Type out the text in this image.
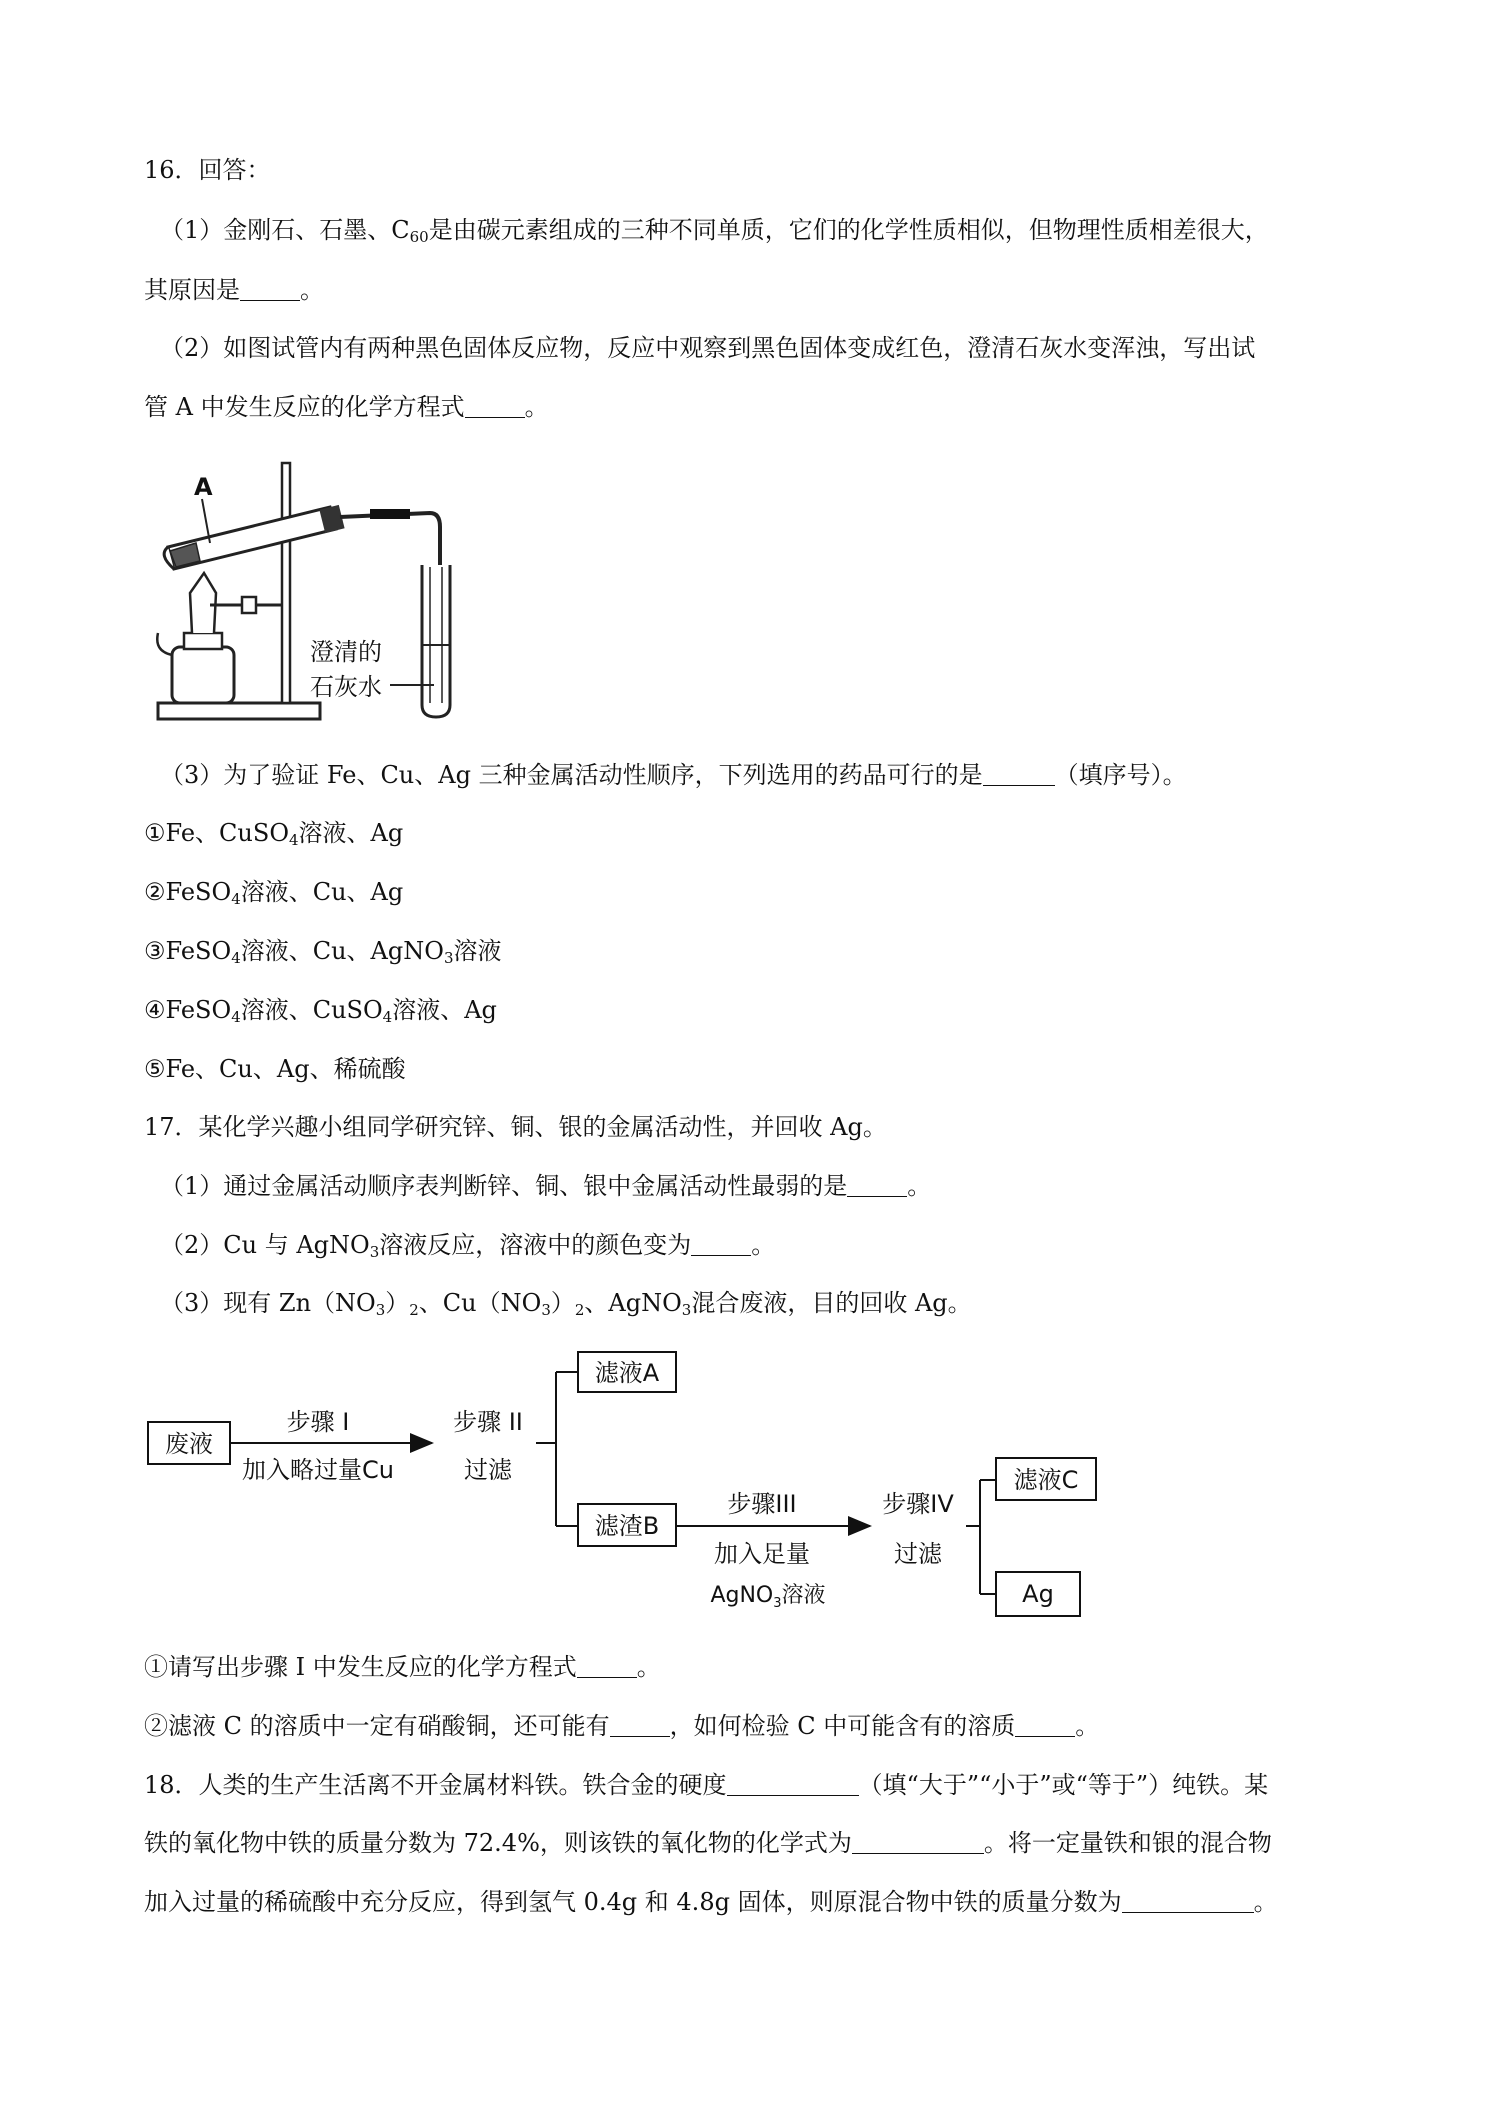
16．回答：
（1）金刚石、石墨、$C_{60}$是由碳元素组成的三种不同单质，它们的化学性质相似，但物理性质相差很大，
其原因是	。
（2）如图试管内有两种黑色固体反应物，反应中观察到黑色固体变成红色，澄清石灰水变浑浊，写出试
管 A 中发生反应的化学方程式	。
A
澄清的
石灰水
（3）为了验证 Fe、Cu、Ag 三种金属活动性顺序，下列选用的药品可行的是	（填序号）。
①Fe、CuSO$_4$溶液、Ag
②FeSO$_4$溶液、Cu、Ag
③FeSO$_4$溶液、Cu、AgNO$_3$溶液
④FeSO$_4$溶液、CuSO$_4$溶液、Ag
⑤Fe、Cu、Ag、稀硫酸
17．某化学兴趣小组同学研究锌、铜、银的金属活动性，并回收 Ag。
（1）通过金属活动顺序表判断锌、铜、银中金属活动性最弱的是	。
（2）Cu 与 AgNO$_3$溶液反应，溶液中的颜色变为	。
（3）现有 $Zn(NO_3)_2$、$Cu(NO_3)_2$、AgNO$_3$混合废液，目的回收 Ag。
废液
步骤 I
加入略过量Cu
步骤 II
过滤
滤液A
滤渣B
步骤III
加入足量
AgNO$_3$溶液
步骤IV
过滤
滤液C
Ag
①请写出步骤 I 中发生反应的化学方程式	。
②滤液 C 的溶质中一定有硝酸铜，还可能有	，如何检验 C 中可能含有的溶质	。
18．人类的生产生活离不开金属材料铁。铁合金的硬度	（填“大于”“小于”或“等于”）纯铁。某
铁的氧化物中铁的质量分数为 72.4%，则该铁的氧化物的化学式为	。将一定量铁和银的混合物
加入过量的稀硫酸中充分反应，得到氢气 0.4g 和 4.8g 固体，则原混合物中铁的质量分数为	。
